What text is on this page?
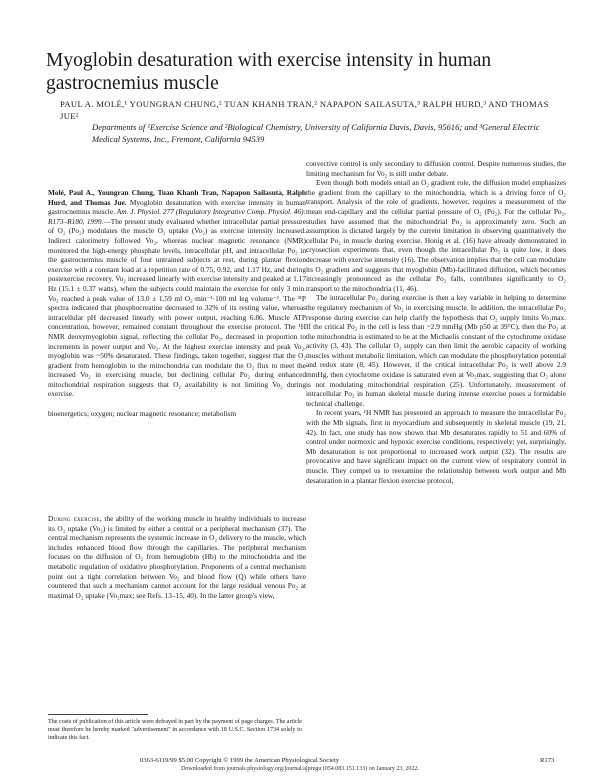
Myoglobin desaturation with exercise intensity in human gastrocnemius muscle
PAUL A. MOLÉ,¹ YOUNGRAN CHUNG,² TUAN KHANH TRAN,² NAPAPON SAILASUTA,³ RALPH HURD,³ AND THOMAS JUE²
Departments of ¹Exercise Science and ²Biological Chemistry, University of California Davis, Davis, 95616; and ³General Electric Medical Systems, Inc., Fremont, California 94539

Molé, Paul A., Youngran Chung, Tuan Khanh Tran, Napapon Sailasuta, Ralph Hurd, and Thomas Jue. Myoglobin desaturation with exercise intensity in human gastrocnemius muscle. Am. J. Physiol. 277 (Regulatory Integrative Comp. Physiol. 46): R173–R180, 1999.—The present study evaluated whether intracellular partial pressure of O₂ (Po₂) modulates the muscle O₂ uptake (V̇o₂) as exercise intensity increased. Indirect calorimetry followed V̇o₂, whereas nuclear magnetic resonance (NMR) monitored the high-energy phosphate levels, intracellular pH, and intracellular Po₂ in the gastrocnemius muscle of four untrained subjects at rest, during plantar flexion exercise with a constant load at a repetition rate of 0.75, 0.92, and 1.17 Hz, and during postexercise recovery. V̇o₂ increased linearly with exercise intensity and peaked at 1.17 Hz (15.1 ± 0.37 watts), when the subjects could maintain the exercise for only 3 min. V̇o₂ reached a peak value of 13.0 ± 1.59 ml O₂·min⁻¹·100 ml leg volume⁻¹. The ³¹P spectra indicated that phosphocreatine decreased to 32% of its resting value, whereas intracellular pH decreased linearly with power output, reaching 6.86. Muscle ATP concentration, however, remained constant throughout the exercise protocol. The ¹H NMR deoxymyoglobin signal, reflecting the cellular Po₂, decreased in proportion to increments in power output and V̇o₂. At the highest exercise intensity and peak V̇o₂, myoglobin was ~50% desaturated. These findings, taken together, suggest that the O₂ gradient from hemoglobin to the mitochondria can modulate the O₂ flux to meet the increased V̇o₂ in exercising muscle, but declining cellular Po₂ during enhanced mitochondrial respiration suggests that O₂ availability is not limiting V̇o₂ during exercise.

bioenergetics; oxygen; nuclear magnetic resonance; metabolism

During exercise, the ability of the working muscle in healthy individuals to increase its O₂ uptake (V̇o₂) is limited by either a central or a peripheral mechanism (37). The central mechanism represents the systemic increase in O₂ delivery to the muscle, which includes enhanced blood flow through the capillaries. The peripheral mechanism focuses on the diffusion of O₂ from hemoglobin (Hb) to the mitochondria and the metabolic regulation of oxidative phosphorylation. Proponents of a central mechanism point out a tight correlation between V̇o₂ and blood flow (Q̇) while others have countered that such a mechanism cannot account for the large residual venous Po₂ at maximal O₂ uptake (V̇o₂max; see Refs. 13–15, 40). In the latter group's view,

convective control is only secondary to diffusion control. Despite numerous studies, the limiting mechanism for V̇o₂ is still under debate.

Even though both models entail an O₂ gradient role, the diffusion model emphasizes the gradient from the capillary to the mitochondria, which is a driving force of O₂ transport. Analysis of the role of gradients, however, requires a measurement of the mean end-capillary and the cellular partial pressure of O₂ (Po₂). For the cellular Po₂, studies have assumed that the mitochondrial Po₂ is approximately zero. Such an assumption is dictated largely by the current limitation in observing quantitatively the cellular Po₂ in muscle during exercise. Honig et al. (16) have already demonstrated in cryosection experiments that, even though the intracellular Po₂ is quite low, it does decrease with exercise intensity (16). The observation implies that the cell can modulate its O₂ gradient and suggests that myoglobin (Mb)-facilitated diffusion, which becomes increasingly pronounced as the cellular Po₂ falls, contributes significantly to O₂ transport to the mitochondria (11, 46).

The intracellular Po₂ during exercise is then a key variable in helping to determine the regulatory mechanism of V̇o₂ in exercising muscle. In addition, the intracellular Po₂ response during exercise can help clarify the hypothesis that O₂ supply limits V̇o₂max. If the critical Po₂ in the cell is less than ~2.9 mmHg (Mb p50 at 39°C), then the Po₂ at the mitochondria is estimated to be at the Michaelis constant of the cytochrome oxidase activity (3, 43). The cellular O₂ supply can then limit the aerobic capacity of working muscles without metabolic limitation, which can modulate the phosphorylation potential and redox state (8, 45). However, if the critical intracellular Po₂ is well above 2.9 mmHg, then cytochrome oxidase is saturated even at V̇o₂max, suggesting that O₂ alone is not modulating mitochondrial respiration (25). Unfortunately, measurement of intracellular Po₂ in human skeletal muscle during intense exercise poses a formidable technical challenge.

In recent years, ¹H NMR has presented an approach to measure the intracellular Po₂ with the Mb signals, first in myocardium and subsequently in skeletal muscle (19, 21, 42). In fact, one study has now shown that Mb desaturates rapidly to 51 and 60% of control under normoxic and hypoxic exercise conditions, respectively; yet, surprisingly, Mb desaturation is not proportional to increased work output (32). The results are provocative and have significant impact on the current view of respiratory control in muscle. They compel us to reexamine the relationship between work output and Mb desaturation in a plantar flexion exercise protocol,

The costs of publication of this article were defrayed in part by the payment of page charges. The article must therefore be hereby marked "advertisement" in accordance with 18 U.S.C. Section 1734 solely to indicate this fact.
0363-6119/99 $5.00 Copyright © 1999 the American Physiological Society	R173
Downloaded from journals.physiology.org/journal/ajpregu (054.083.151.133) on January 23, 2022.
